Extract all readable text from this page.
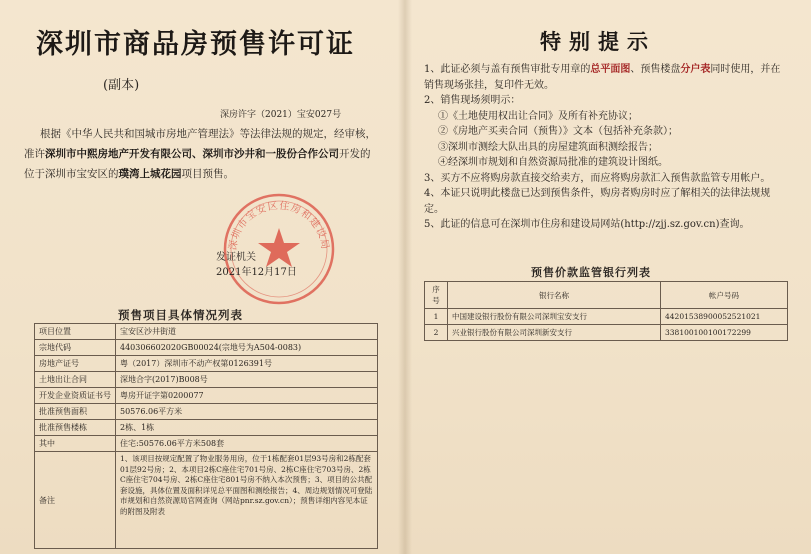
深圳市商品房预售许可证
(副本)
深房许字（2021）宝安027号
根据《中华人民共和国城市房地产管理法》等法律法规的规定，经审核，准许深圳市中熙房地产开发有限公司、深圳市沙井和一股份合作公司开发的位于深圳市宝安区的璞湾上城花园项目预售。
深圳市宝安区住房和建设局
发证机关
2021年12月17日
预售项目具体情况列表
项目位置	宝安区沙井街道
宗地代码	440306602020GB00024(宗地号为A504-0083)
房地产证号	粤（2017）深圳市不动产权第0126391号
土地出让合同	深地合字(2017)B008号
开发企业资质证书号	粤房开证字第0200077
批准预售面积	50576.06平方米
批准预售楼栋	2栋、1栋
其中	住宅:50576.06平方米508套
备注	1、该项目按规定配置了物业服务用房，位于1栋配套01层93号房和2栋配套01层92号房；2、本项目2栋C座住宅701号房、2栋C座住宅703号房、2栋C座住宅704号房、2栋C座住宅801号房不纳入本次预售；3、项目的公共配套设施，具体位置及面积详见总平面图和测绘报告；4、周边规划情况可登陆市规划和自然资源局官网查询（网站pnr.sz.gov.cn）；预售详细内容见本证的附图及附表
特别提示
1、此证必须与盖有预售审批专用章的总平面图、预售楼盘分户表同时使用，并在销售现场张挂，复印件无效。
2、销售现场须明示：
①《土地使用权出让合同》及所有补充协议；
②《房地产买卖合同（预售）》文本（包括补充条款）；
③深圳市测绘大队出具的房屋建筑面积测绘报告；
④经深圳市规划和自然资源局批准的建筑设计图纸。
3、买方不应将购房款直接交给卖方，而应将购房款汇入预售款监管专用帐户。
4、本证只说明此楼盘已达到预售条件，购房者购房时应了解相关的法律法规规定。
5、此证的信息可在深圳市住房和建设局网站(http://zjj.sz.gov.cn)查询。
预售价款监管银行列表
序号	银行名称	帐户号码
1	中国建设银行股份有限公司深圳宝安支行	44201538900052521021
2	兴业银行股份有限公司深圳新安支行	338100100100172299
